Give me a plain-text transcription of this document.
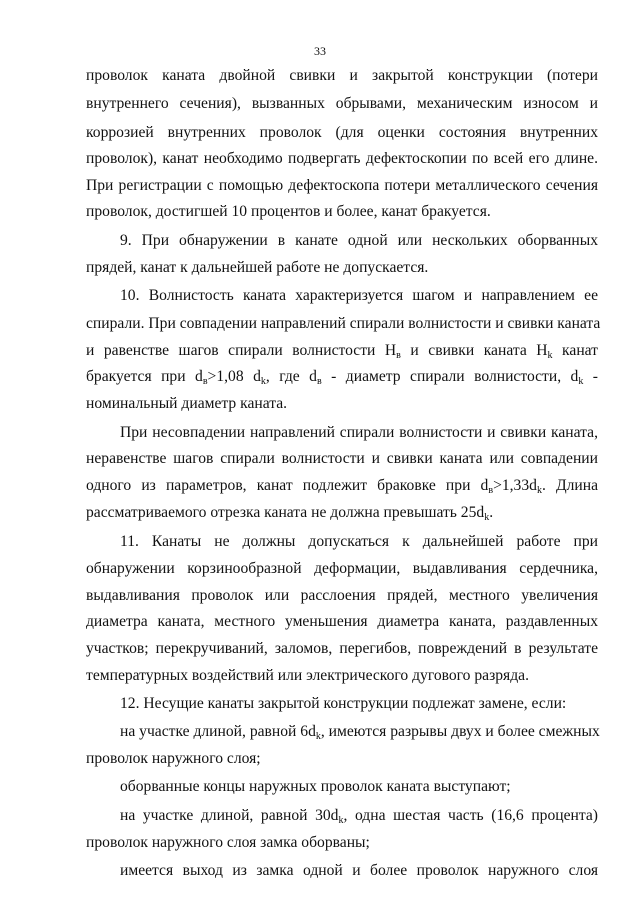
33
проволок каната двойной свивки и закрытой конструкции (потери
внутреннего сечения), вызванных обрывами, механическим износом и
коррозией внутренних проволок (для оценки состояния внутренних
проволок), канат необходимо подвергать дефектоскопии по всей его длине.
При регистрации с помощью дефектоскопа потери металлического сечения
проволок, достигшей 10 процентов и более, канат бракуется.
9. При обнаружении в канате одной или нескольких оборванных
прядей, канат к дальнейшей работе не допускается.
10. Волнистость каната характеризуется шагом и направлением ее
спирали. При совпадении направлений спирали волнистости и свивки каната
и равенстве шагов спирали волнистости $H_в$ и свивки каната $H_k$ канат
бракуется при $d_в>1,08$ $d_k$, где $d_в$ - диаметр спирали волнистости, $d_k$ -
номинальный диаметр каната.
При несовпадении направлений спирали волнистости и свивки каната,
неравенстве шагов спирали волнистости и свивки каната или совпадении
одного из параметров, канат подлежит браковке при $d_в>1,33d_k$. Длина
рассматриваемого отрезка каната не должна превышать $25d_k$.
11. Канаты не должны допускаться к дальнейшей работе при
обнаружении корзинообразной деформации, выдавливания сердечника,
выдавливания проволок или расслоения прядей, местного увеличения
диаметра каната, местного уменьшения диаметра каната, раздавленных
участков; перекручиваний, заломов, перегибов, повреждений в результате
температурных воздействий или электрического дугового разряда.
12. Несущие канаты закрытой конструкции подлежат замене, если:
на участке длиной, равной $6d_k$, имеются разрывы двух и более смежных
проволок наружного слоя;
оборванные концы наружных проволок каната выступают;
на участке длиной, равной $30d_k$, одна шестая часть (16,6 процента)
проволок наружного слоя замка оборваны;
имеется выход из замка одной и более проволок наружного слоя
